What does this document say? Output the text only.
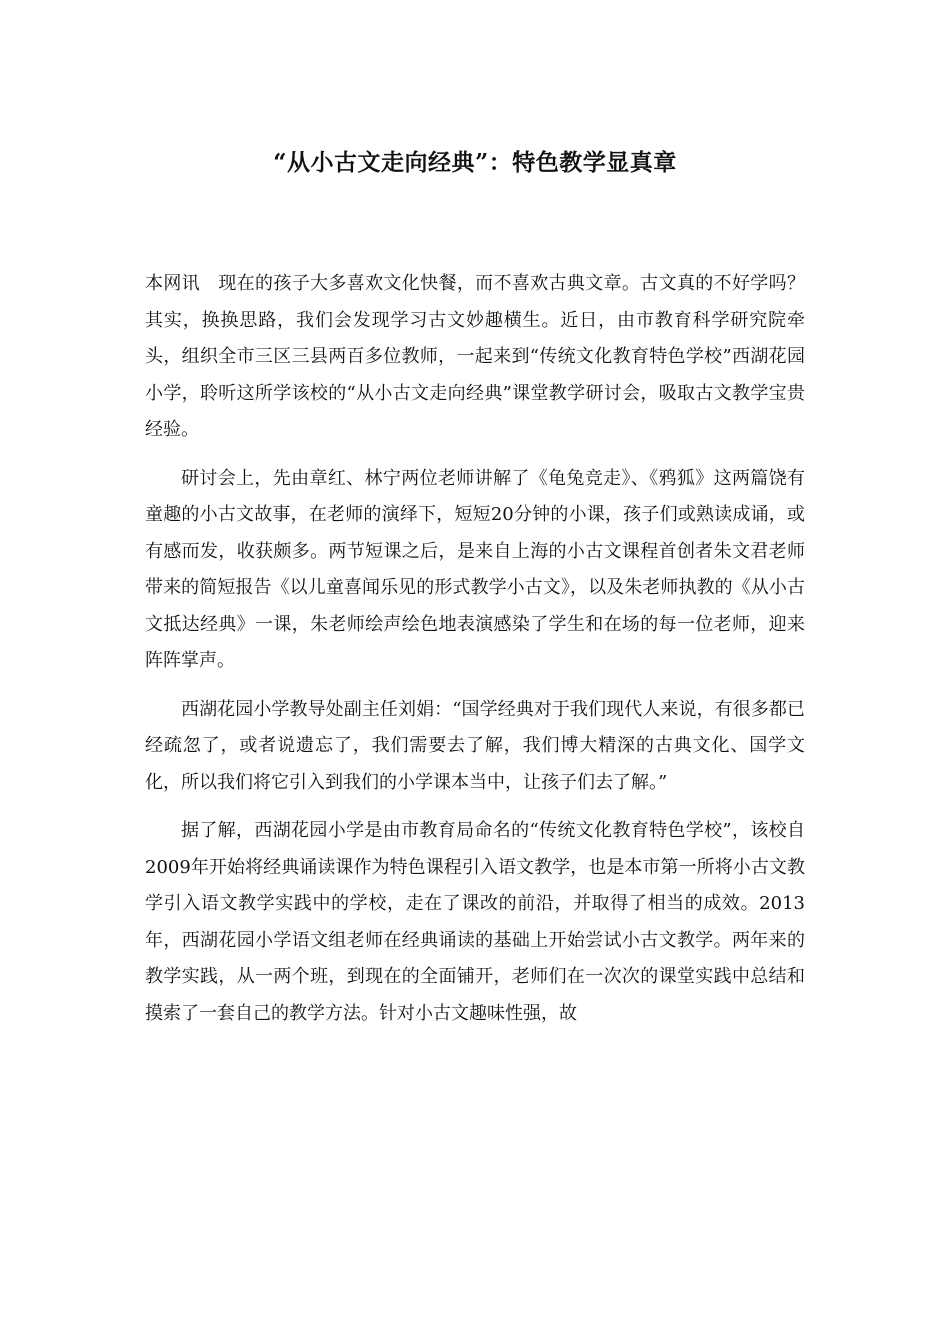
“从小古文走向经典”：特色教学显真章

本网讯　现在的孩子大多喜欢文化快餐，而不喜欢古典文章。古文真的不好学吗？其实，换换思路，我们会发现学习古文妙趣横生。近日，由市教育科学研究院牵头，组织全市三区三县两百多位教师，一起来到“传统文化教育特色学校”西湖花园小学，聆听这所学该校的“从小古文走向经典”课堂教学研讨会，吸取古文教学宝贵经验。

研讨会上，先由章红、林宁两位老师讲解了《龟兔竞走》、《鸦狐》这两篇饶有童趣的小古文故事，在老师的演绎下，短短20分钟的小课，孩子们或熟读成诵，或有感而发，收获颇多。两节短课之后，是来自上海的小古文课程首创者朱文君老师带来的简短报告《以儿童喜闻乐见的形式教学小古文》，以及朱老师执教的《从小古文抵达经典》一课，朱老师绘声绘色地表演感染了学生和在场的每一位老师，迎来阵阵掌声。

西湖花园小学教导处副主任刘娟：“国学经典对于我们现代人来说，有很多都已经疏忽了，或者说遗忘了，我们需要去了解，我们博大精深的古典文化、国学文化，所以我们将它引入到我们的小学课本当中，让孩子们去了解。”

据了解，西湖花园小学是由市教育局命名的“传统文化教育特色学校”，该校自2009年开始将经典诵读课作为特色课程引入语文教学，也是本市第一所将小古文教学引入语文教学实践中的学校，走在了课改的前沿，并取得了相当的成效。2013年，西湖花园小学语文组老师在经典诵读的基础上开始尝试小古文教学。两年来的教学实践，从一两个班，到现在的全面铺开，老师们在一次次的课堂实践中总结和摸索了一套自己的教学方法。针对小古文趣味性强，故
